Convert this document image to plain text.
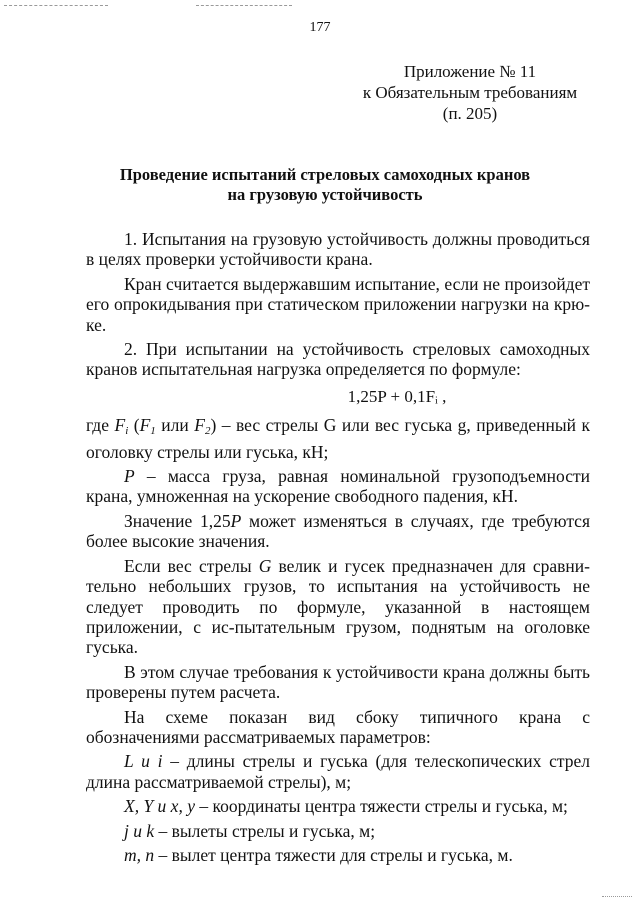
177
Приложение № 11
к Обязательным требованиям
(п. 205)
Проведение испытаний стреловых самоходных кранов
на грузовую устойчивость

1. Испытания на грузовую устойчивость должны проводиться в целях проверки устойчивости крана.

Кран считается выдержавшим испытание, если не произойдет его опрокидывания при статическом приложении нагрузки на крю-ке.

2. При испытании на устойчивость стреловых самоходных кранов испытательная нагрузка определяется по формуле:

1,25P + 0,1Fᵢ ,

где $F_i$ ($F_1$ или $F_2$) – вес стрелы G или вес гуська g, приведенный к оголовку стрелы или гуська, кН;

P – масса груза, равная номинальной грузоподъемности крана, умноженная на ускорение свободного падения, кН.

Значение 1,25P может изменяться в случаях, где требуются более высокие значения.

Если вес стрелы G велик и гусек предназначен для сравни-тельно небольших грузов, то испытания на устойчивость не следует проводить по формуле, указанной в настоящем приложении, с ис-пытательным грузом, поднятым на оголовке гуська.

В этом случае требования к устойчивости крана должны быть проверены путем расчета.

На схеме показан вид сбоку типичного крана с обозначениями рассматриваемых параметров:

L и i – длины стрелы и гуська (для телескопических стрел длина рассматриваемой стрелы), м;

X, Y и x, y – координаты центра тяжести стрелы и гуська, м;

j и k – вылеты стрелы и гуська, м;

m, n – вылет центра тяжести для стрелы и гуська, м.
